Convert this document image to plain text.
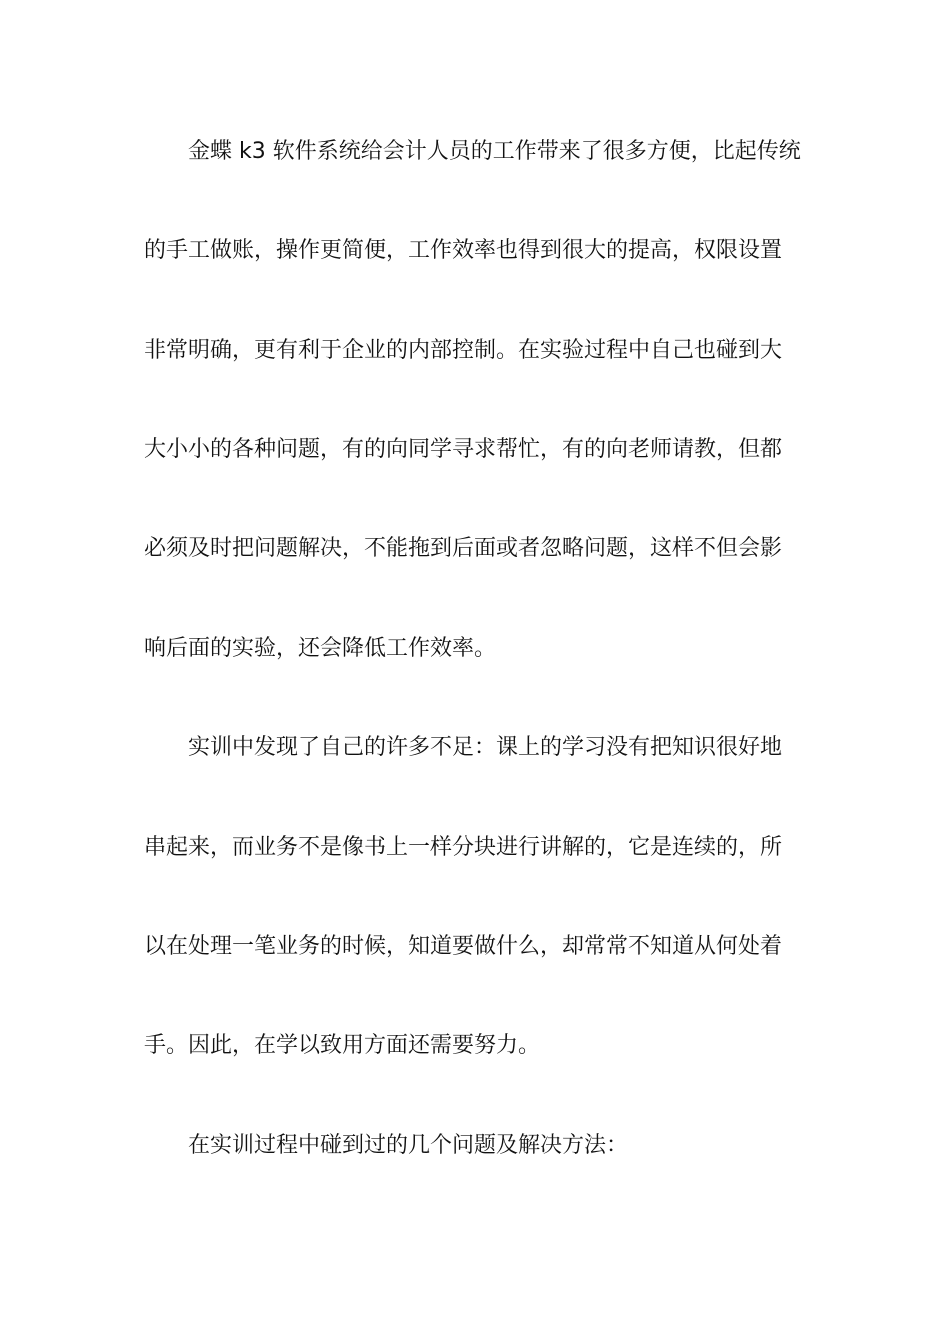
金蝶 k3 软件系统给会计人员的工作带来了很多方便，比起传统
的手工做账，操作更简便，工作效率也得到很大的提高，权限设置
非常明确，更有利于企业的内部控制。在实验过程中自己也碰到大
大小小的各种问题，有的向同学寻求帮忙，有的向老师请教，但都
必须及时把问题解决，不能拖到后面或者忽略问题，这样不但会影
响后面的实验，还会降低工作效率。
实训中发现了自己的许多不足：课上的学习没有把知识很好地
串起来，而业务不是像书上一样分块进行讲解的，它是连续的，所
以在处理一笔业务的时候，知道要做什么，却常常不知道从何处着
手。因此，在学以致用方面还需要努力。
在实训过程中碰到过的几个问题及解决方法：
